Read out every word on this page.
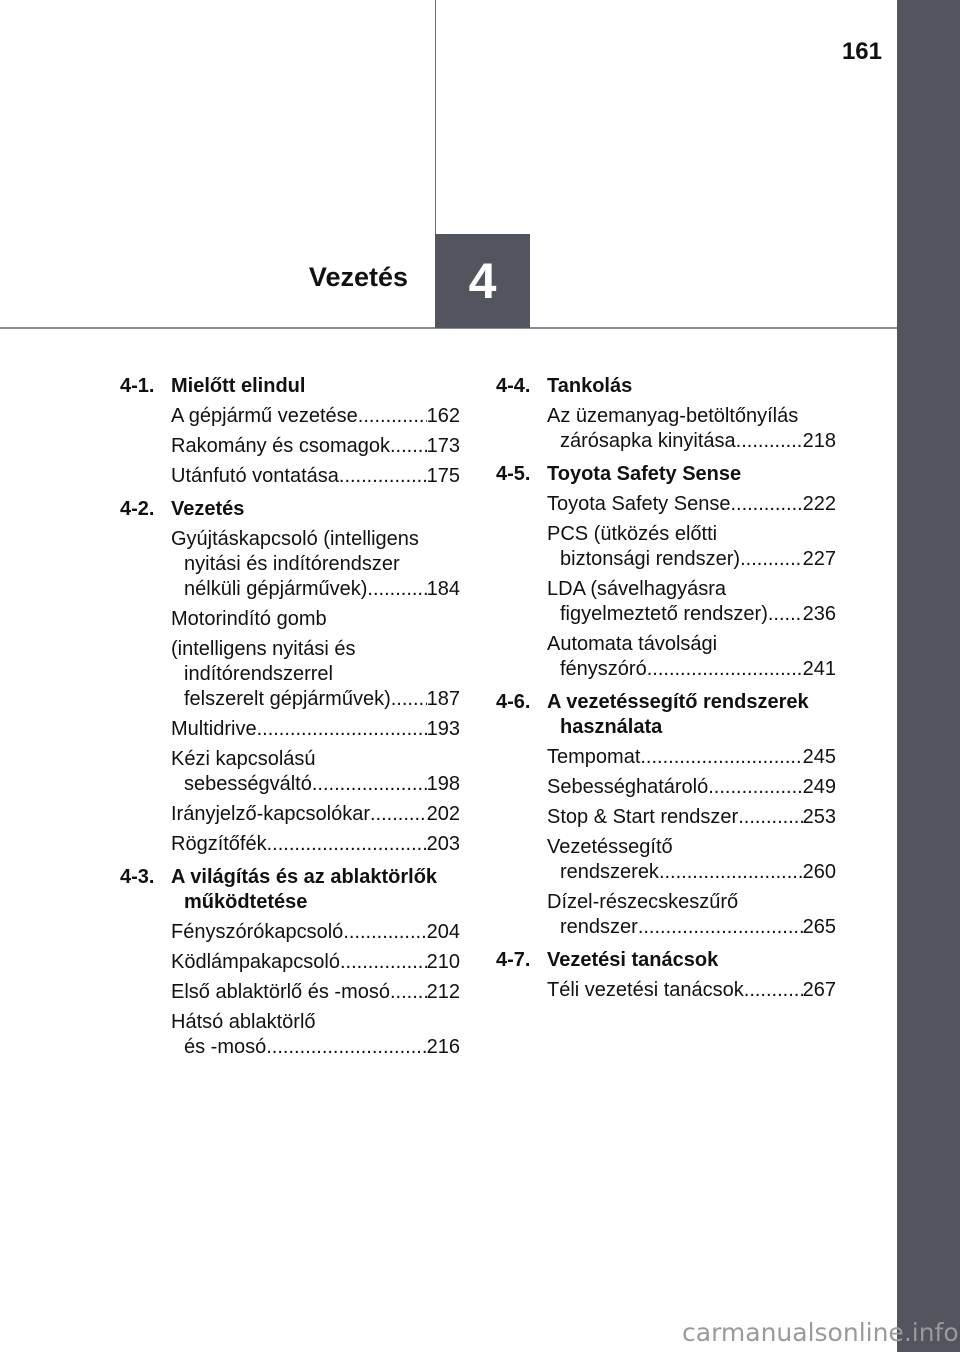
4
Vezetés
161
4-1. Mielőtt elindul
A gépjármű vezetése .....	162
Rakomány és csomagok ..... 173
Utánfutó vontatása .....	175
4-2. Vezetés
Gyújtáskapcsoló (intelligens
nyitási és indítórendszer
nélküli gépjárművek) .....	184
Motorindító gomb
(intelligens nyitási és
indítórendszerrel
felszerelt gépjárművek) ..... 187
Multidrive .....	193
Kézi kapcsolású
sebességváltó .....	198
Irányjelző-kapcsolókar .....	202
Rögzítőfék .....	203
4-3. A világítás és az ablaktörlők
működtetése
Fényszórókapcsoló .....	204
Ködlámpakapcsoló .....	210
Első ablaktörlő és -mosó ..... 212
Hátsó ablaktörlő
és -mosó .....	216
4-4. Tankolás
Az üzemanyag-betöltőnyílás
zárósapka kinyitása .....	218
4-5. Toyota Safety Sense
Toyota Safety Sense .....	222
PCS (ütközés előtti
biztonsági rendszer) .....	227
LDA (sávelhagyásra
figyelmeztető rendszer) ..... 236
Automata távolsági
fényszóró .....	241
4-6. A vezetéssegítő rendszerek
használata
Tempomat .....	245
Sebességhatároló .....	249
Stop & Start rendszer .....	253
Vezetéssegítő
rendszerek .....	260
Dízel-részecskeszűrő
rendszer .....	265
4-7. Vezetési tanácsok
Téli vezetési tanácsok .....	267
carmanualsonline.info
